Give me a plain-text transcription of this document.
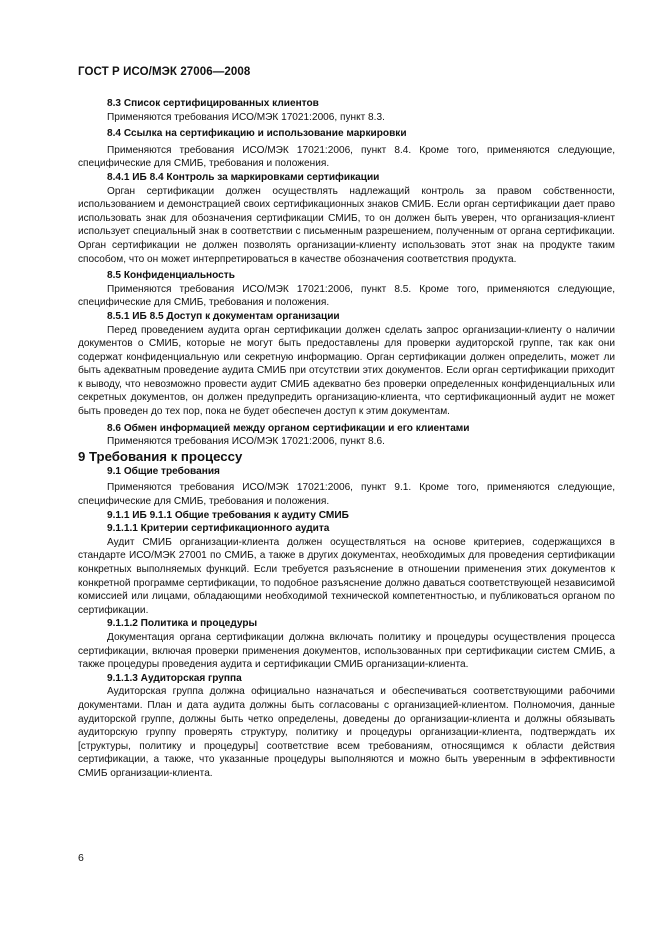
ГОСТ Р ИСО/МЭК 27006—2008

8.3 Список сертифицированных клиентов

Применяются требования ИСО/МЭК 17021:2006, пункт 8.3.

8.4 Ссылка на сертификацию и использование маркировки

Применяются требования ИСО/МЭК 17021:2006, пункт 8.4. Кроме того, применяются следующие, специфические для СМИБ, требования и положения.

8.4.1 ИБ 8.4 Контроль за маркировками сертификации

Орган сертификации должен осуществлять надлежащий контроль за правом собственности, использованием и демонстрацией своих сертификационных знаков СМИБ. Если орган сертификации дает право использовать знак для обозначения сертификации СМИБ, то он должен быть уверен, что организация-клиент использует специальный знак в соответствии с письменным разрешением, полученным от органа сертификации. Орган сертификации не должен позволять организации-клиенту использовать этот знак на продукте таким способом, что он может интерпретироваться в качестве обозначения соответствия продукта.

8.5 Конфиденциальность

Применяются требования ИСО/МЭК 17021:2006, пункт 8.5. Кроме того, применяются следующие, специфические для СМИБ, требования и положения.

8.5.1 ИБ 8.5 Доступ к документам организации

Перед проведением аудита орган сертификации должен сделать запрос организации-клиенту о наличии документов о СМИБ, которые не могут быть предоставлены для проверки аудиторской группе, так как они содержат конфиденциальную или секретную информацию. Орган сертификации должен определить, может ли быть адекватным проведение аудита СМИБ при отсутствии этих документов. Если орган сертификации приходит к выводу, что невозможно провести аудит СМИБ адекватно без проверки определенных конфиденциальных или секретных документов, он должен предупредить организацию-клиента, что сертификационный аудит не может быть проведен до тех пор, пока не будет обеспечен доступ к этим документам.

8.6 Обмен информацией между органом сертификации и его клиентами

Применяются требования ИСО/МЭК 17021:2006, пункт 8.6.

9 Требования к процессу

9.1 Общие требования

Применяются требования ИСО/МЭК 17021:2006, пункт 9.1. Кроме того, применяются следующие, специфические для СМИБ, требования и положения.

9.1.1 ИБ 9.1.1 Общие требования к аудиту СМИБ

9.1.1.1 Критерии сертификационного аудита

Аудит СМИБ организации-клиента должен осуществляться на основе критериев, содержащихся в стандарте ИСО/МЭК 27001 по СМИБ, а также в других документах, необходимых для проведения сертификации конкретных выполняемых функций. Если требуется разъяснение в отношении применения этих документов к конкретной программе сертификации, то подобное разъяснение должно даваться соответствующей независимой комиссией или лицами, обладающими необходимой технической компетентностью, и публиковаться органом по сертификации.

9.1.1.2 Политика и процедуры

Документация органа сертификации должна включать политику и процедуры осуществления процесса сертификации, включая проверки применения документов, использованных при сертификации систем СМИБ, а также процедуры проведения аудита и сертификации СМИБ организации-клиента.

9.1.1.3 Аудиторская группа

Аудиторская группа должна официально назначаться и обеспечиваться соответствующими рабочими документами. План и дата аудита должны быть согласованы с организацией-клиентом. Полномочия, данные аудиторской группе, должны быть четко определены, доведены до организации-клиента и должны обязывать аудиторскую группу проверять структуру, политику и процедуры организации-клиента, подтверждать их [структуры, политику и процедуры] соответствие всем требованиям, относящимся к области действия сертификации, а также, что указанные процедуры выполняются и можно быть уверенным в эффективности СМИБ организации-клиента.

6
